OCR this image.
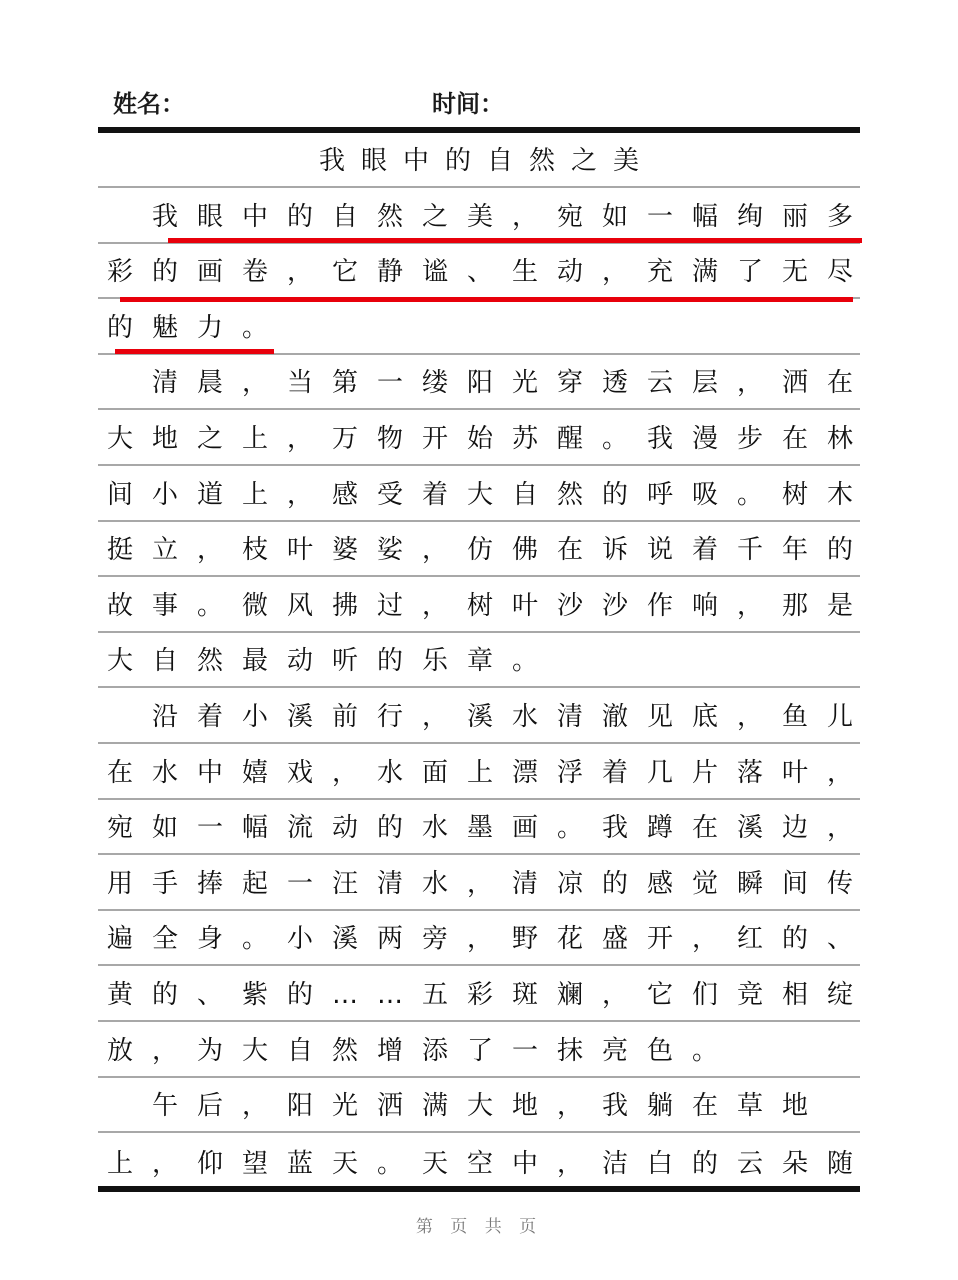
姓名：	时间：
我眼中的自然之美
我眼中的自然之美，宛如一幅绚丽多
彩的画卷，它静谧、生动，充满了无尽
的魅力。
清晨，当第一缕阳光穿透云层，洒在
大地之上，万物开始苏醒。我漫步在林
间小道上，感受着大自然的呼吸。树木
挺立，枝叶婆娑，仿佛在诉说着千年的
故事。微风拂过，树叶沙沙作响，那是
大自然最动听的乐章。
沿着小溪前行，溪水清澈见底，鱼儿
在水中嬉戏，水面上漂浮着几片落叶，
宛如一幅流动的水墨画。我蹲在溪边，
用手捧起一汪清水，清凉的感觉瞬间传
遍全身。小溪两旁，野花盛开，红的、
黄的、紫的……五彩斑斓，它们竞相绽
放，为大自然增添了一抹亮色。
午后，阳光洒满大地，我躺在草地
上，仰望蓝天。天空中，洁白的云朵随
第 页 共 页
